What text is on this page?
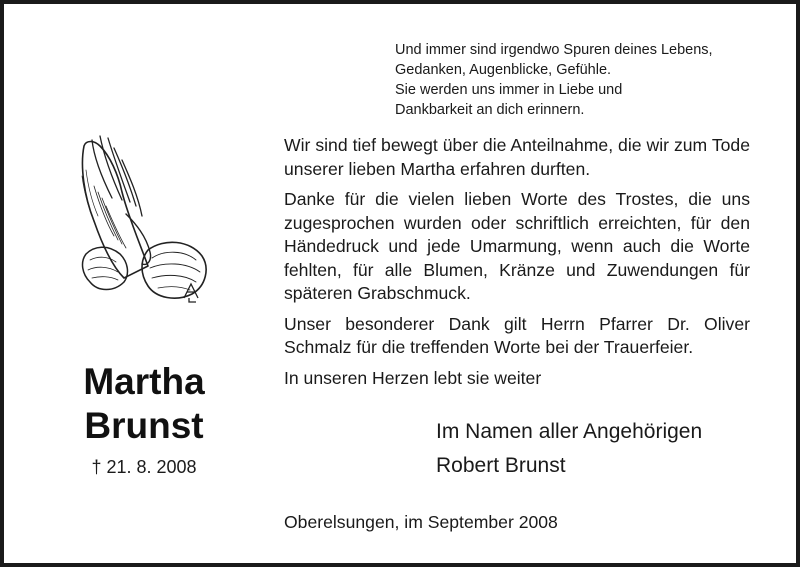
Und immer sind irgendwo Spuren deines Lebens,
Gedanken, Augenblicke, Gefühle.
Sie werden uns immer in Liebe und
Dankbarkeit an dich erinnern.

Wir sind tief bewegt über die Anteilnahme, die wir zum Tode unserer lieben Martha erfahren durften.

Danke für die vielen lieben Worte des Trostes, die uns zugesprochen wurden oder schriftlich erreichten, für den Händedruck und jede Umarmung, wenn auch die Worte fehlten, für alle Blumen, Kränze und Zuwendungen für späteren Grabschmuck.

Unser besonderer Dank gilt Herrn Pfarrer Dr. Oliver Schmalz für die treffenden Worte bei der Trauerfeier.

In unseren Herzen lebt sie weiter

Martha
Brunst
† 21. 8. 2008
Im Namen aller Angehörigen
Robert Brunst
Oberelsungen, im September 2008
